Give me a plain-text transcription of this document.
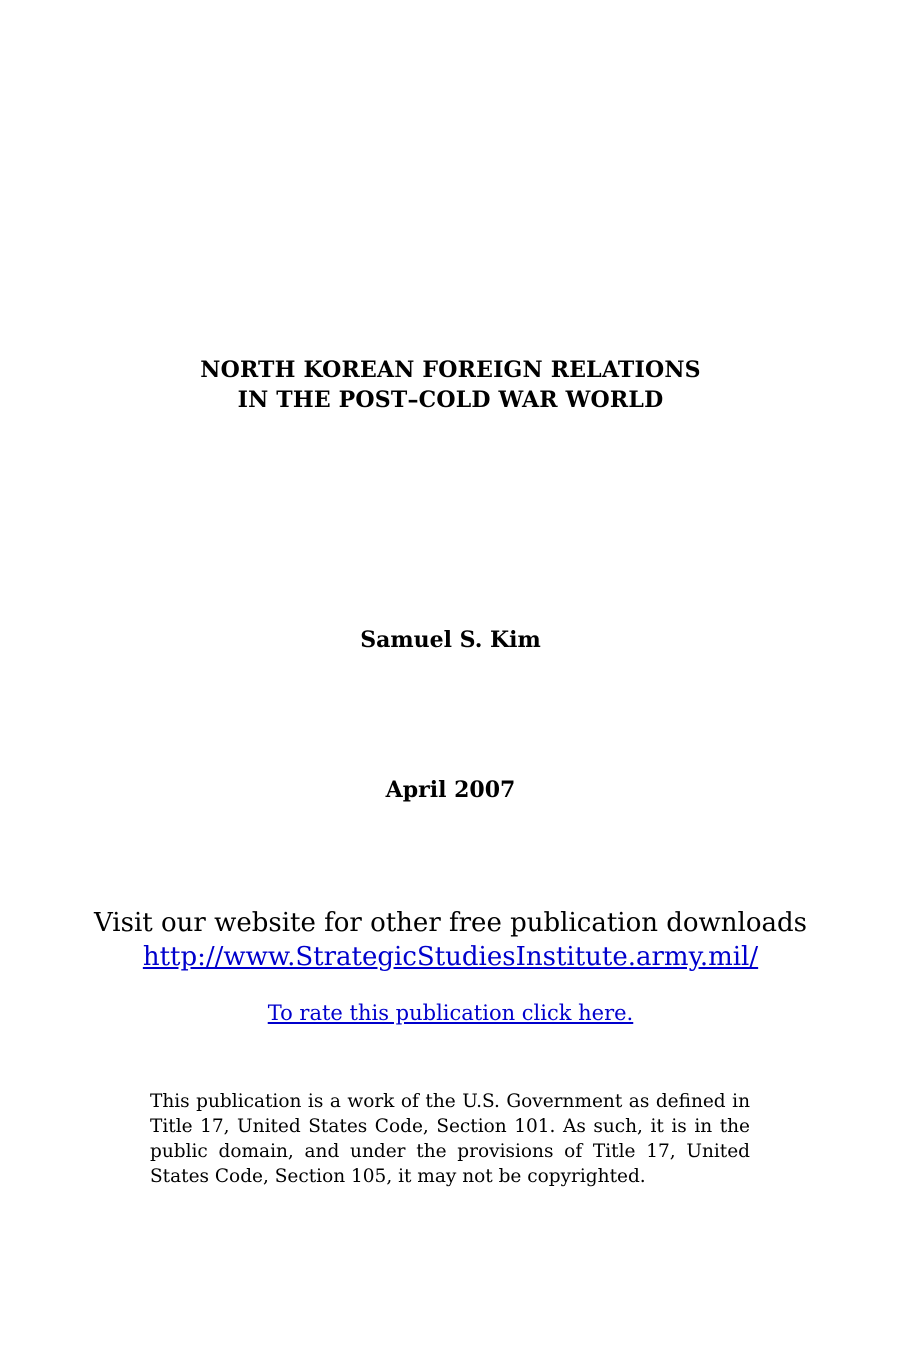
NORTH KOREAN FOREIGN RELATIONS
IN THE POST–COLD WAR WORLD
Samuel S. Kim
April 2007
Visit our website for other free publication downloads
http://www.StrategicStudiesInstitute.army.mil/
To rate this publication click here.
This publication is a work of the U.S. Government as defined in Title 17, United States Code, Section 101. As such, it is in the public domain, and under the provisions of Title 17, United States Code, Section 105, it may not be copyrighted.
